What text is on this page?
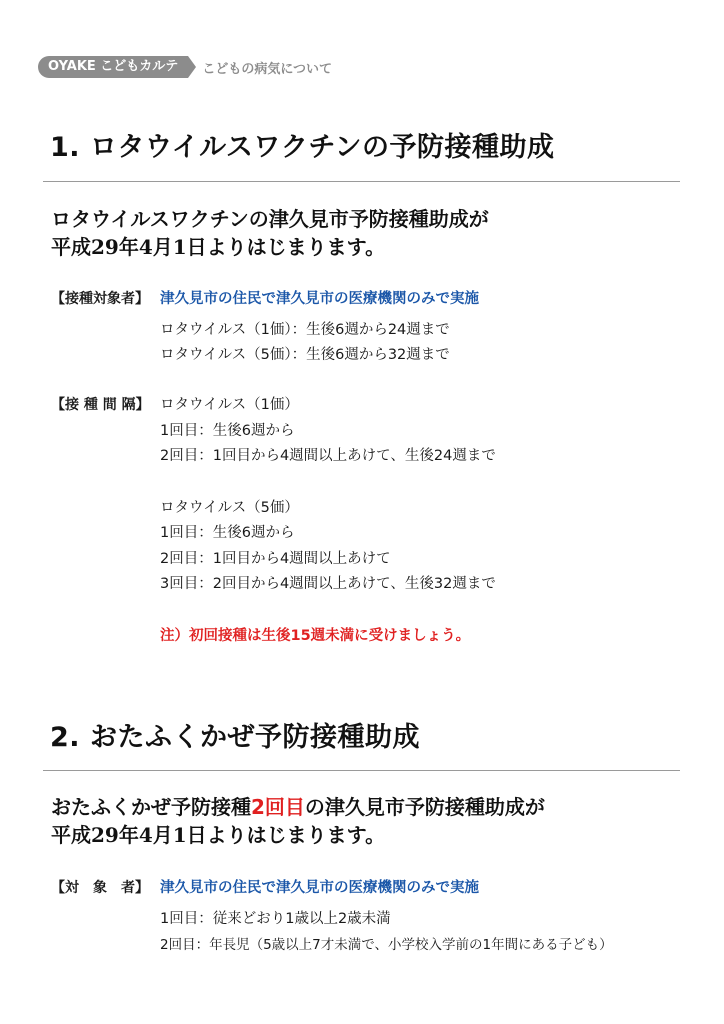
OYAKE こどもカルテ	こどもの病気について
1. ロタウイルスワクチンの予防接種助成
ロタウイルスワクチンの津久見市予防接種助成が
平成29年4月1日よりはじまります。
【接種対象者】 津久見市の住民で津久見市の医療機関のみで実施
ロタウイルス（1価）：生後6週から24週まで
ロタウイルス（5価）：生後6週から32週まで
【接 種 間 隔】 ロタウイルス（1価）
1回目：生後6週から
2回目：1回目から4週間以上あけて、生後24週まで
ロタウイルス（5価）
1回目：生後6週から
2回目：1回目から4週間以上あけて
3回目：2回目から4週間以上あけて、生後32週まで
注）初回接種は生後15週未満に受けましょう。
2. おたふくかぜ予防接種助成
おたふくかぜ予防接種2回目の津久見市予防接種助成が
平成29年4月1日よりはじまります。
【対　象　者】 津久見市の住民で津久見市の医療機関のみで実施
1回目：従来どおり1歳以上2歳未満
2回目：年長児（5歳以上7才未満で、小学校入学前の1年間にある子ども）
